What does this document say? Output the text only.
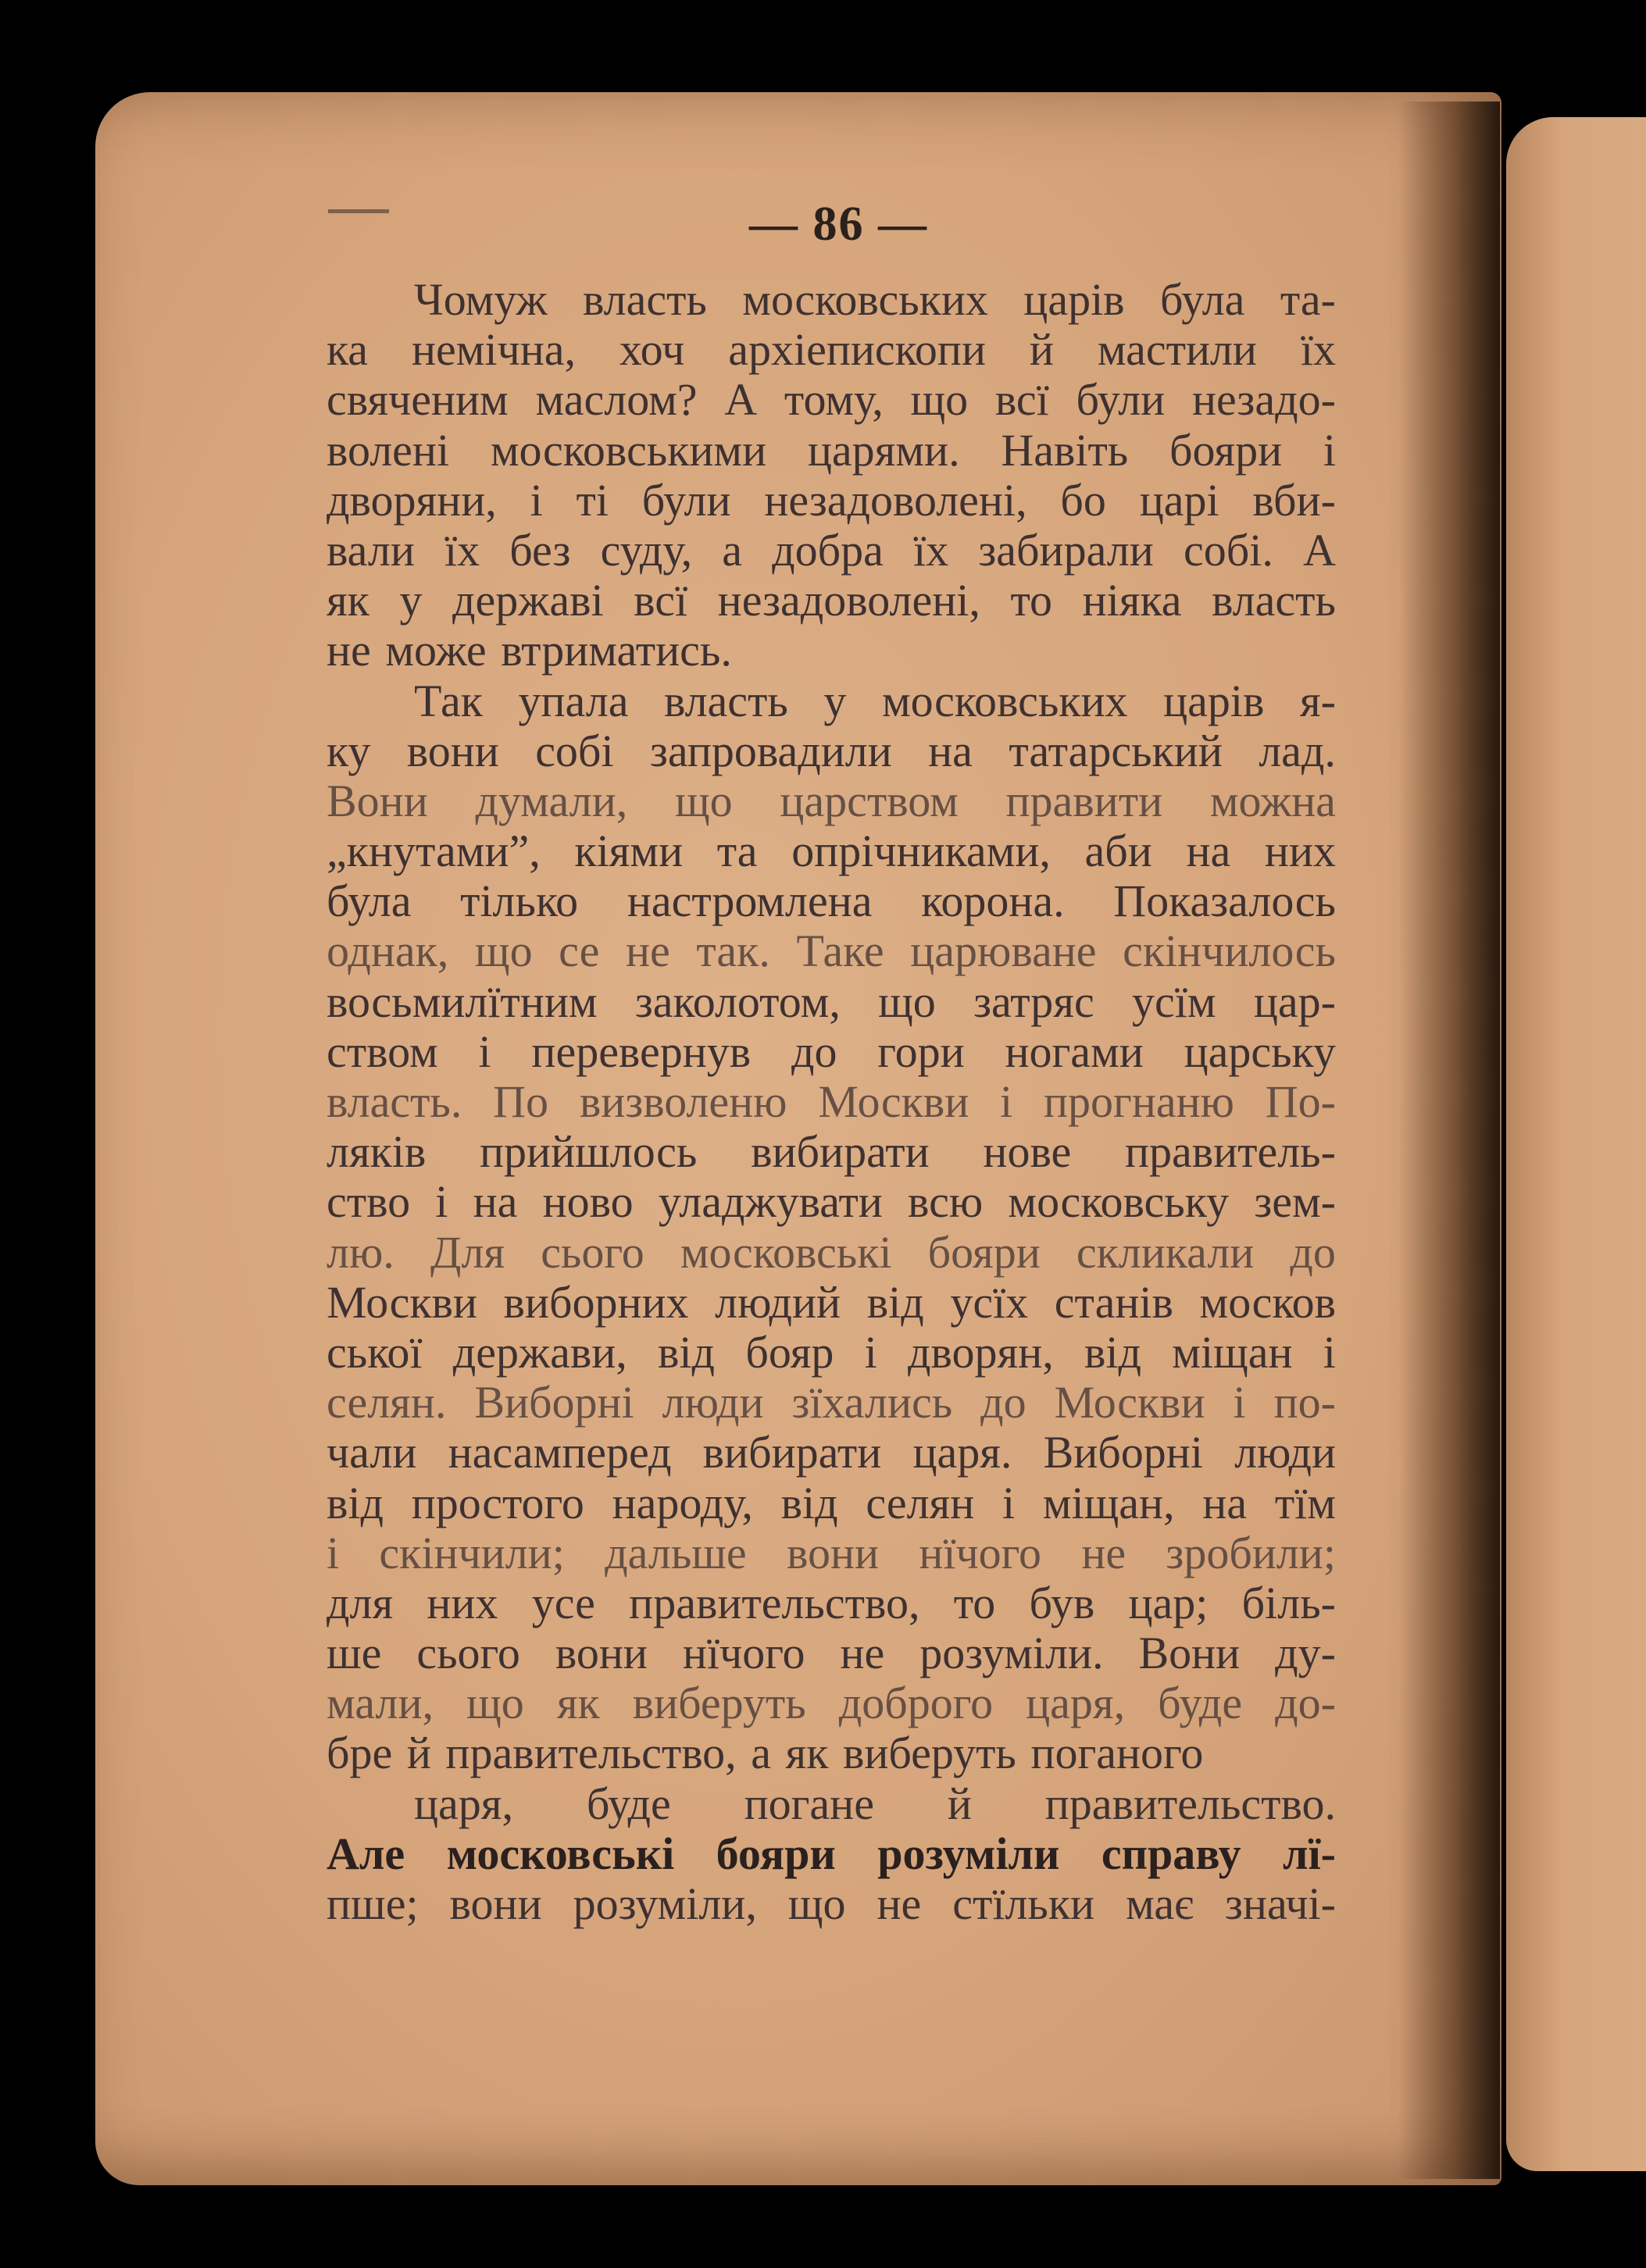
— 86 —
Чомуж власть московських царів була та-
ка немічна, хоч архіепископи й мастили їх
свяченим маслом? А тому, що всї були незадо-
волені московськими царями. Навіть бояри і
дворяни, і ті були незадоволені, бо царі вби-
вали їх без суду, а добра їх забирали собі. А
як у державі всї незадоволені, то ніяка власть
не може втриматись.
Так упала власть у московських царів я-
ку вони собі запровадили на татарський лад.
Вони думали, що царством правити можна
„кнутами”, кіями та опрічниками, аби на них
була тілько настромлена корона. Показалось
однак, що се не так. Таке царюване скінчилось
восьмилїтним заколотом, що затряс усїм цар-
ством і перевернув до гори ногами царську
власть. По визволеню Москви і прогнаню По-
ляків прийшлось вибирати нове правитель-
ство і на ново уладжувати всю московську зем-
лю. Для сього московські бояри скликали до
Москви виборних людий від усїх станів москов
ської держави, від бояр і дворян, від міщан і
селян. Виборні люди зїхались до Москви і по-
чали насамперед вибирати царя. Виборні люди
від простого народу, від селян і міщан, на тїм
і скінчили; дальше вони нїчого не зробили;
для них усе правительство, то був цар; біль-
ше сього вони нїчого не розуміли. Вони ду-
мали, що як виберуть доброго царя, буде до-
бре й правительство, а як виберуть поганого
царя, буде погане й правительство.
Але московські бояри розуміли справу лї-
пше; вони розуміли, що не стїльки має значі-
